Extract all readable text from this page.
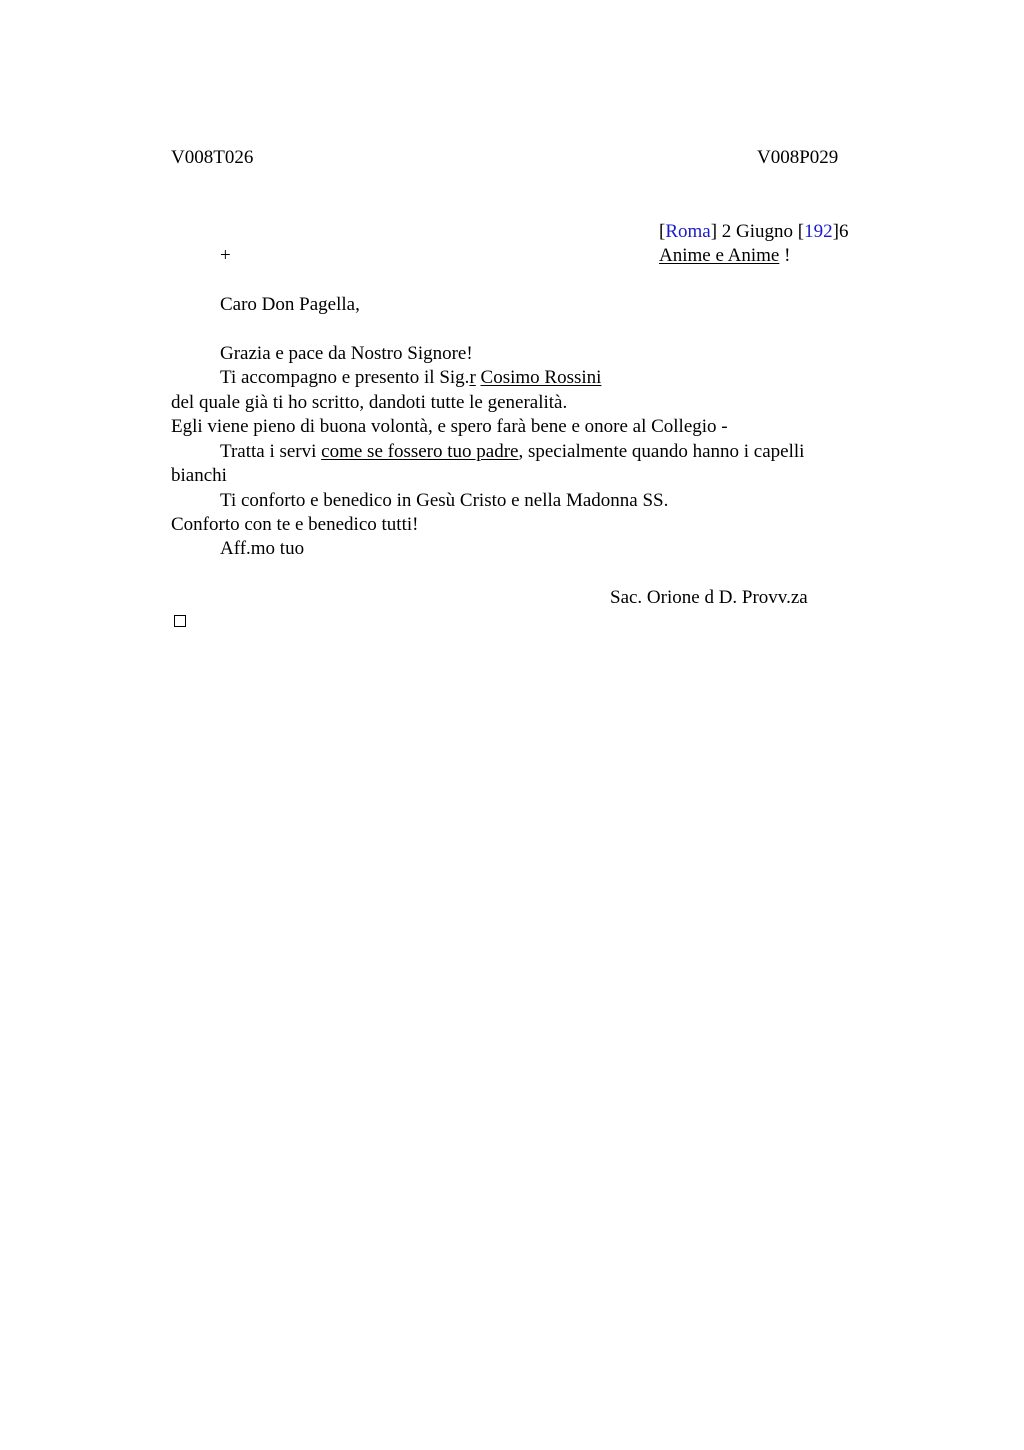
V008T026	V008P029
[Roma] 2 Giugno [192]6
+	Anime e Anime !
Caro Don Pagella,
Grazia e pace da Nostro Signore!
Ti accompagno e presento il Sig.r Cosimo Rossini
del quale già ti ho scritto, dandoti tutte le generalità.
Egli viene pieno di buona volontà, e spero farà bene e onore al Collegio -
Tratta i servi come se fossero tuo padre, specialmente quando hanno i capelli
bianchi
Ti conforto e benedico in Gesù Cristo e nella Madonna SS.
Conforto con te e benedico tutti!
Aff.mo tuo
Sac. Orione d D. Provv.za
